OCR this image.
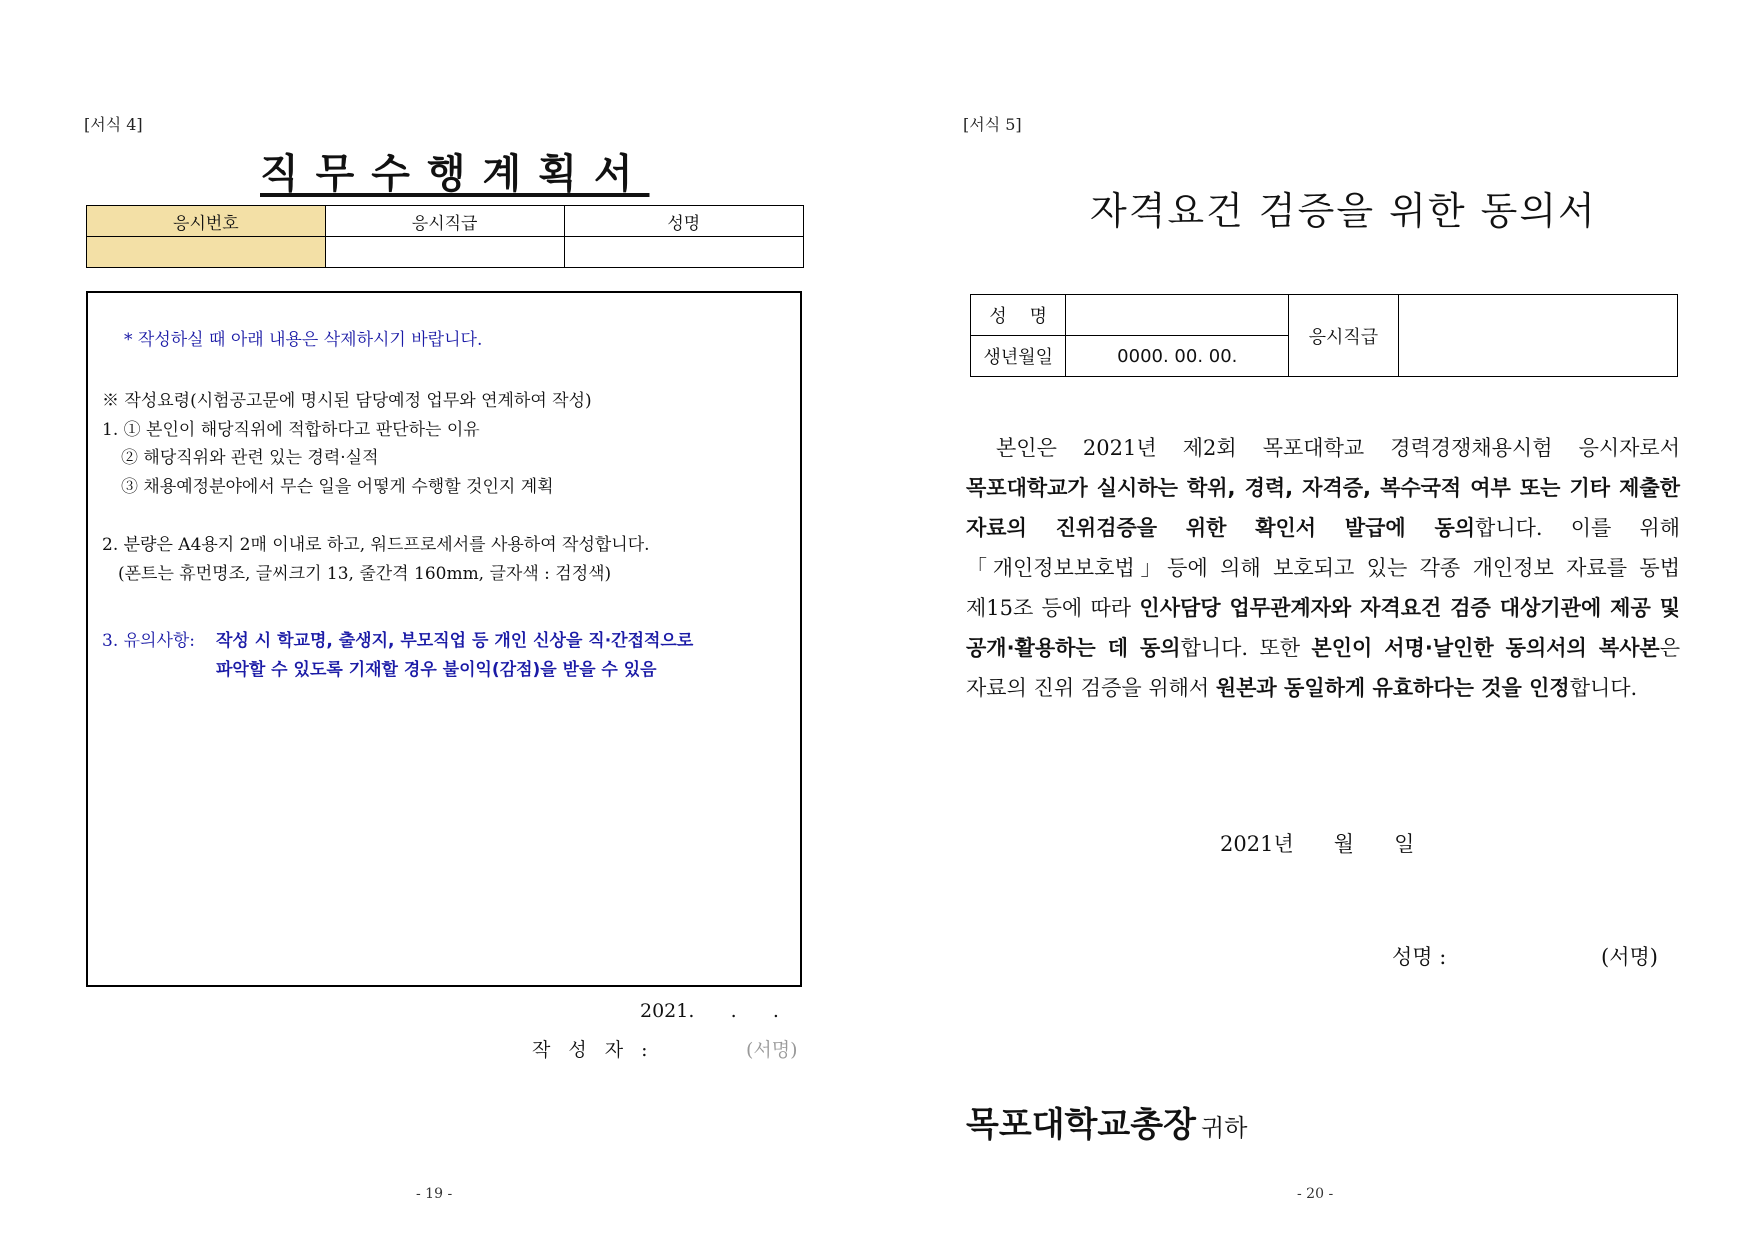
[서식 4]
직무수행계획서
응시번호	응시직급	성명

* 작성하실 때 아래 내용은 삭제하시기 바랍니다.
※ 작성요령(시험공고문에 명시된 담당예정 업무와 연계하여 작성)
1. ① 본인이 해당직위에 적합하다고 판단하는 이유
② 해당직위와 관련 있는 경력·실적
③ 채용예정분야에서 무슨 일을 어떻게 수행할 것인지 계획
2. 분량은 A4용지 2매 이내로 하고, 워드프로세서를 사용하여 작성합니다.
(폰트는 휴먼명조, 글씨크기 13, 줄간격 160mm, 글자색 : 검정색)
3. 유의사항: 작성 시 학교명, 출생지, 부모직업 등 개인 신상을 직·간접적으로
파악할 수 있도록 기재할 경우 불이익(감점)을 받을 수 있음
2021.      .      .
작 성 자 :	(서명)
- 19 -
[서식 5]
자격요건 검증을 위한 동의서
성    명		응시직급	
생년월일	0000. 00. 00.		
본인은 2021년 제2회 목포대학교 경력경쟁채용시험 응시자로서 목포대학교가 실시하는 학위, 경력, 자격증, 복수국적 여부 또는 기타 제출한 자료의 진위검증을 위한 확인서 발급에 동의합니다. 이를 위해 「개인정보보호법」등에 의해 보호되고 있는 각종 개인정보 자료를 동법 제15조 등에 따라 인사담당 업무관계자와 자격요건 검증 대상기관에 제공 및 공개·활용하는 데 동의합니다. 또한 본인이 서명·날인한 동의서의 복사본은 자료의 진위 검증을 위해서 원본과 동일하게 유효하다는 것을 인정합니다.
2021년      월      일
성명 :	(서명)
목포대학교총장 귀하
- 20 -
